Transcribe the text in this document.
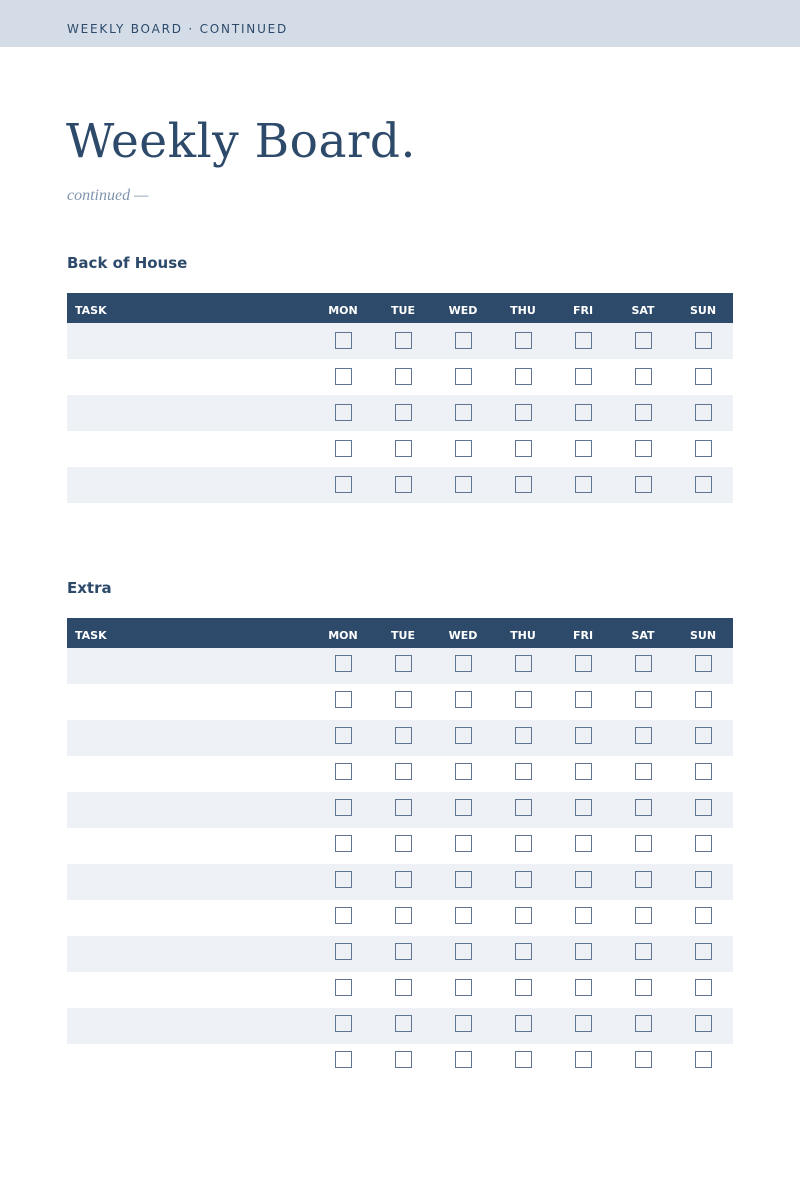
WEEKLY BOARD · CONTINUED
Weekly Board.
continued —
Back of House
TASK	MON	TUE	WED	THU	FRI	SAT	SUN
Extra
TASK	MON	TUE	WED	THU	FRI	SAT	SUN
